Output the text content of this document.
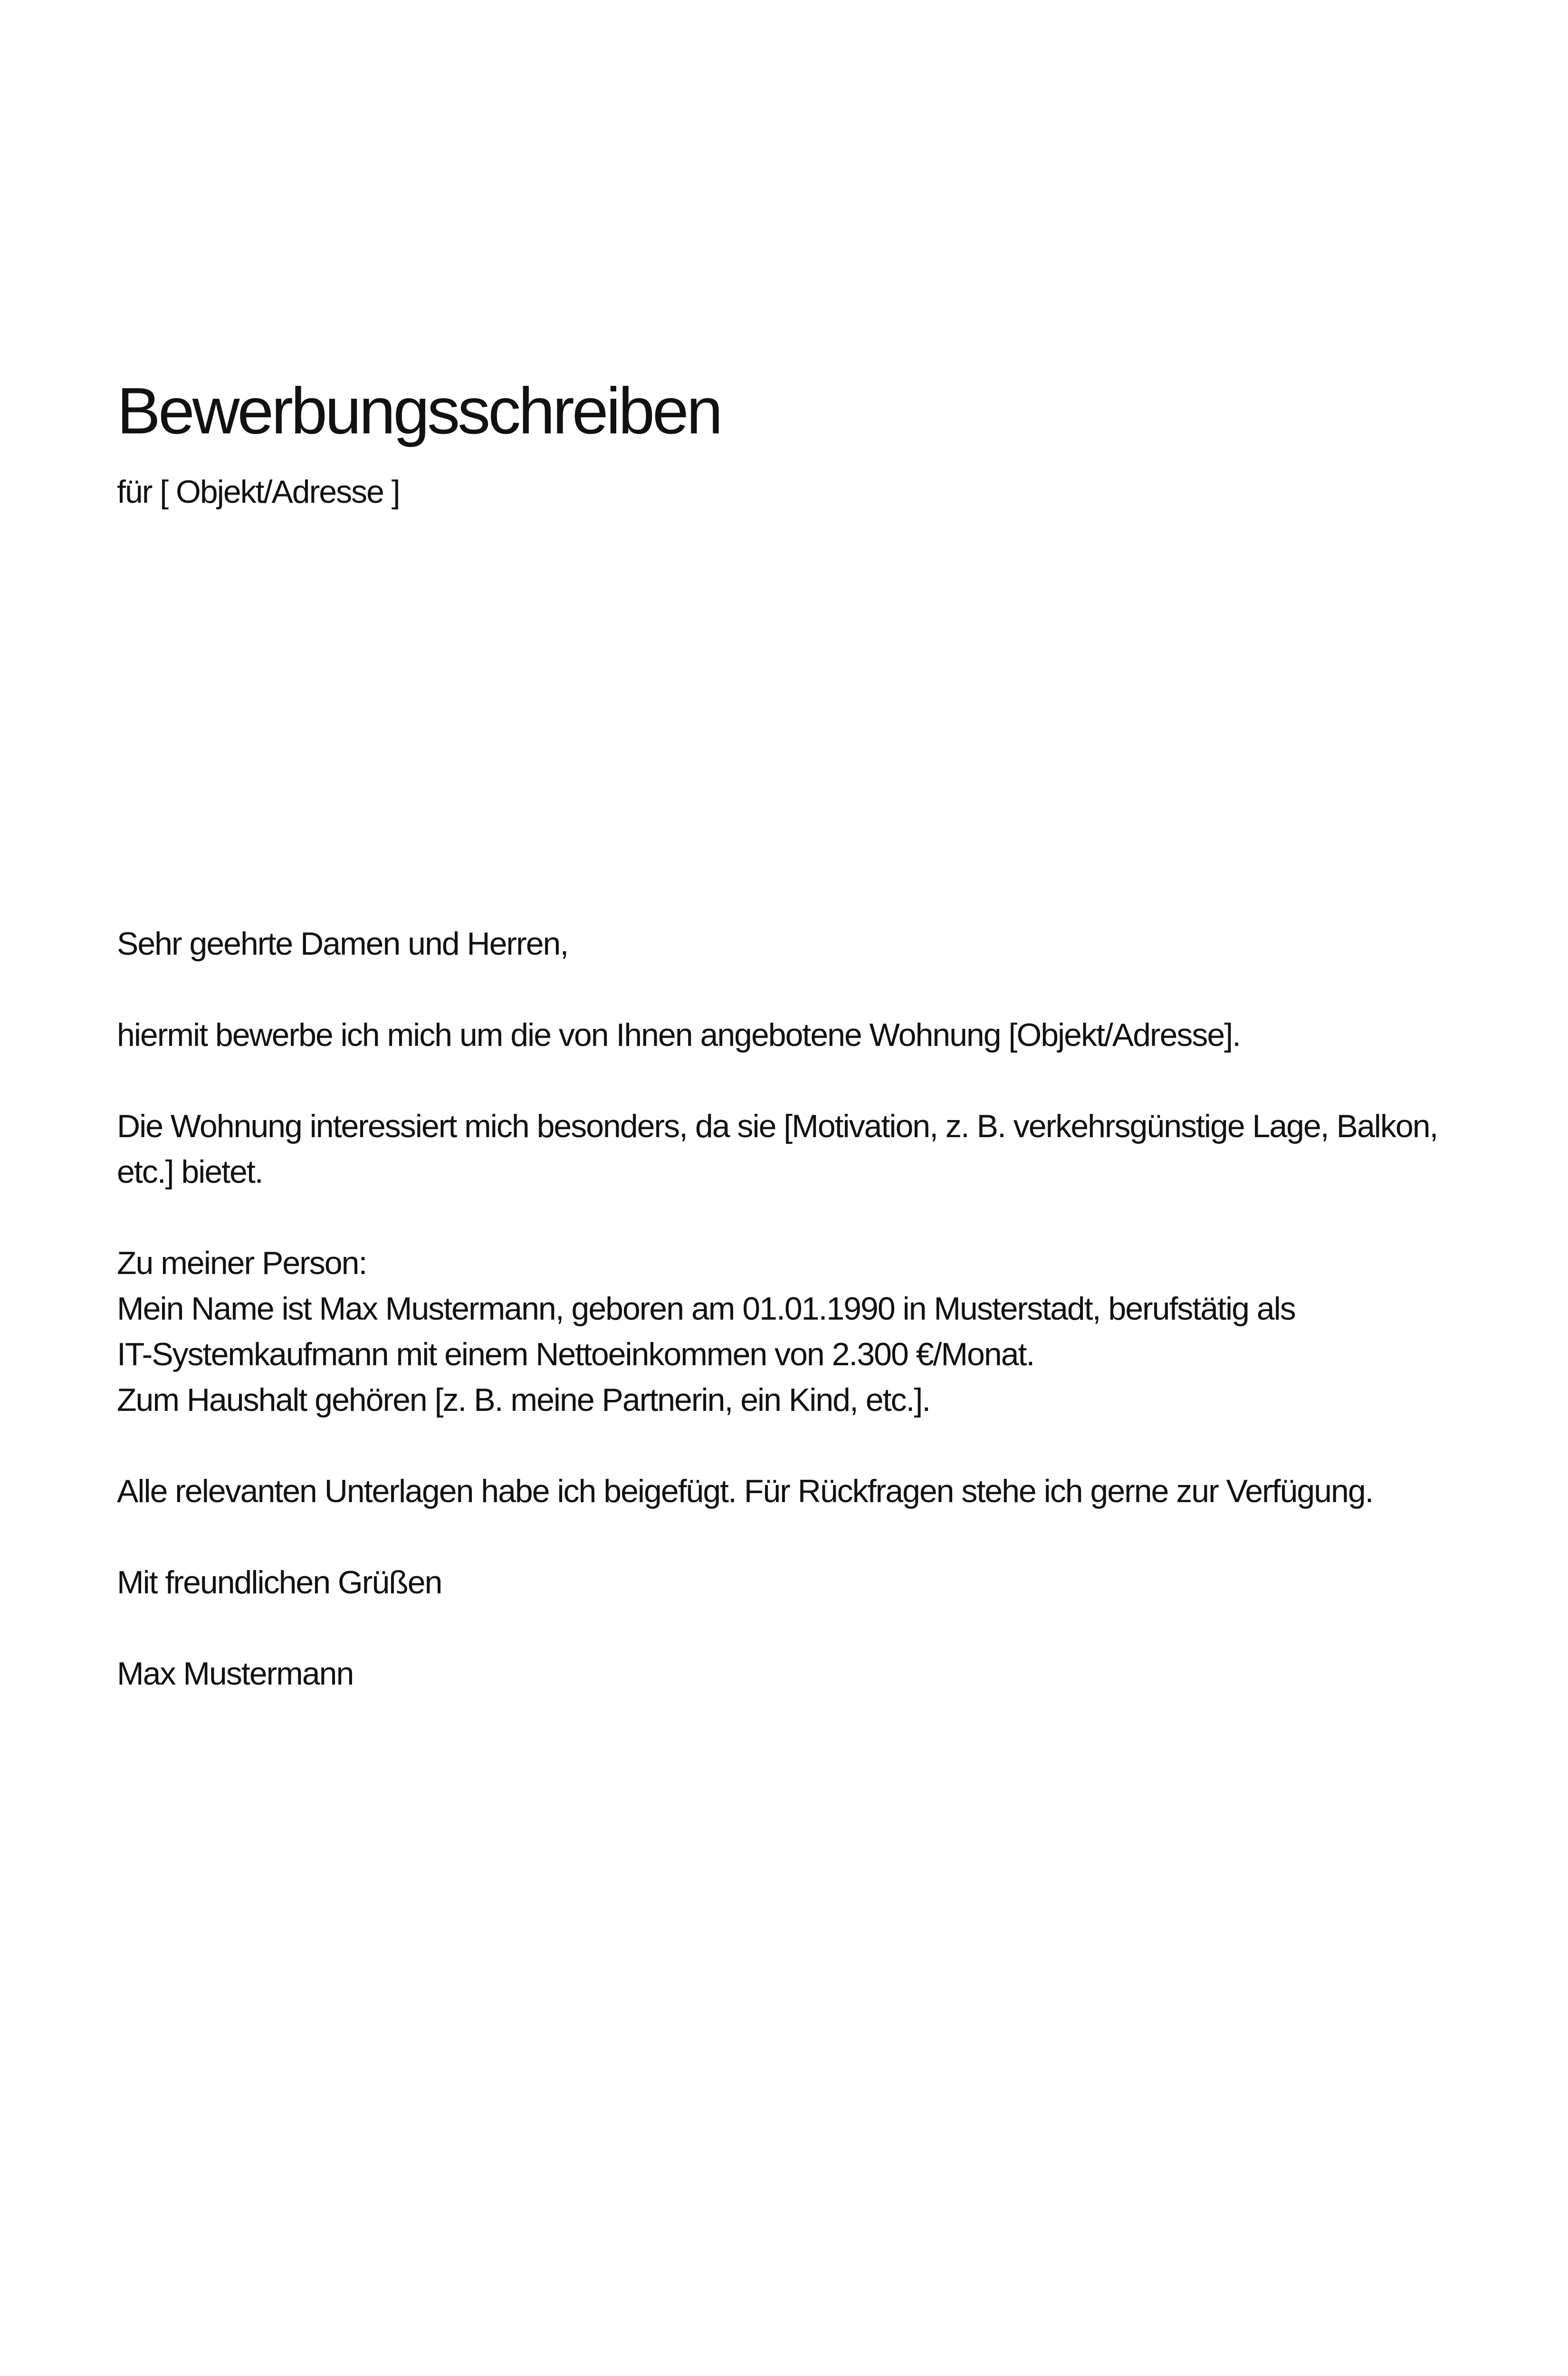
Bewerbungsschreiben
für [ Objekt/Adresse ]

Sehr geehrte Damen und Herren,

hiermit bewerbe ich mich um die von Ihnen angebotene Wohnung [Objekt/Adresse].

Die Wohnung interessiert mich besonders, da sie [Motivation, z. B. verkehrsgünstige Lage, Balkon, etc.] bietet.

Zu meiner Person:
Mein Name ist Max Mustermann, geboren am 01.01.1990 in Musterstadt, berufstätig als
IT-Systemkaufmann mit einem Nettoeinkommen von 2.300 €/Monat.
Zum Haushalt gehören [z. B. meine Partnerin, ein Kind, etc.].

Alle relevanten Unterlagen habe ich beigefügt. Für Rückfragen stehe ich gerne zur Verfügung.

Mit freundlichen Grüßen

Max Mustermann
